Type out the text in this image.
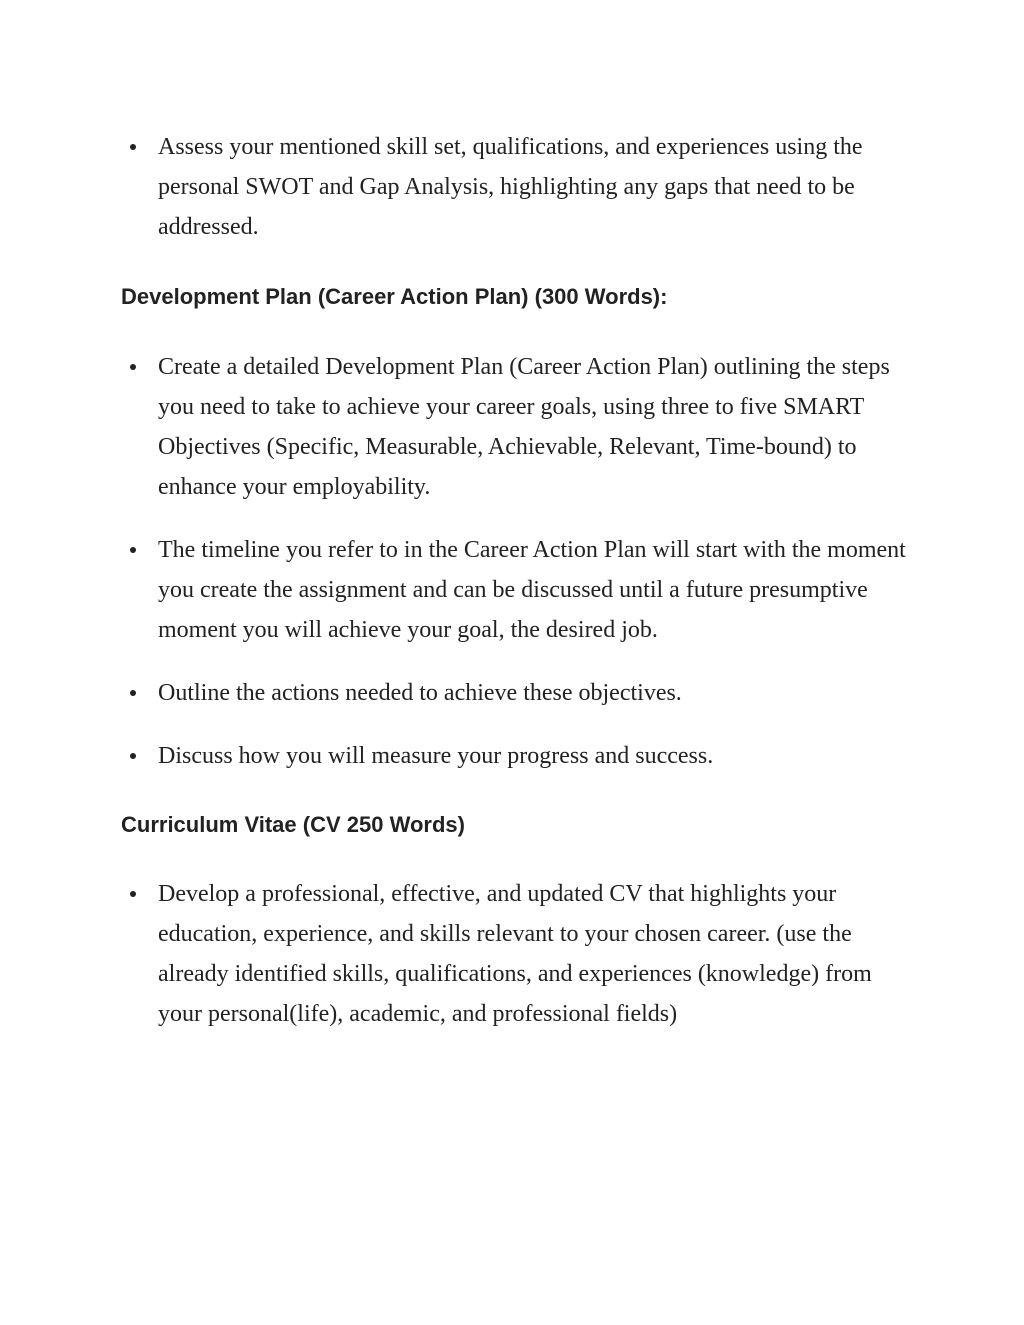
Assess your mentioned skill set, qualifications, and experiences using the personal SWOT and Gap Analysis, highlighting any gaps that need to be addressed.
Development Plan (Career Action Plan) (300 Words):
Create a detailed Development Plan (Career Action Plan) outlining the steps you need to take to achieve your career goals, using three to five SMART Objectives (Specific, Measurable, Achievable, Relevant, Time-bound) to enhance your employability.
The timeline you refer to in the Career Action Plan will start with the moment you create the assignment and can be discussed until a future presumptive moment you will achieve your goal, the desired job.
Outline the actions needed to achieve these objectives.
Discuss how you will measure your progress and success.
Curriculum Vitae (CV 250 Words)
Develop a professional, effective, and updated CV that highlights your education, experience, and skills relevant to your chosen career. (use the already identified skills, qualifications, and experiences (knowledge) from your personal(life), academic, and professional fields)
